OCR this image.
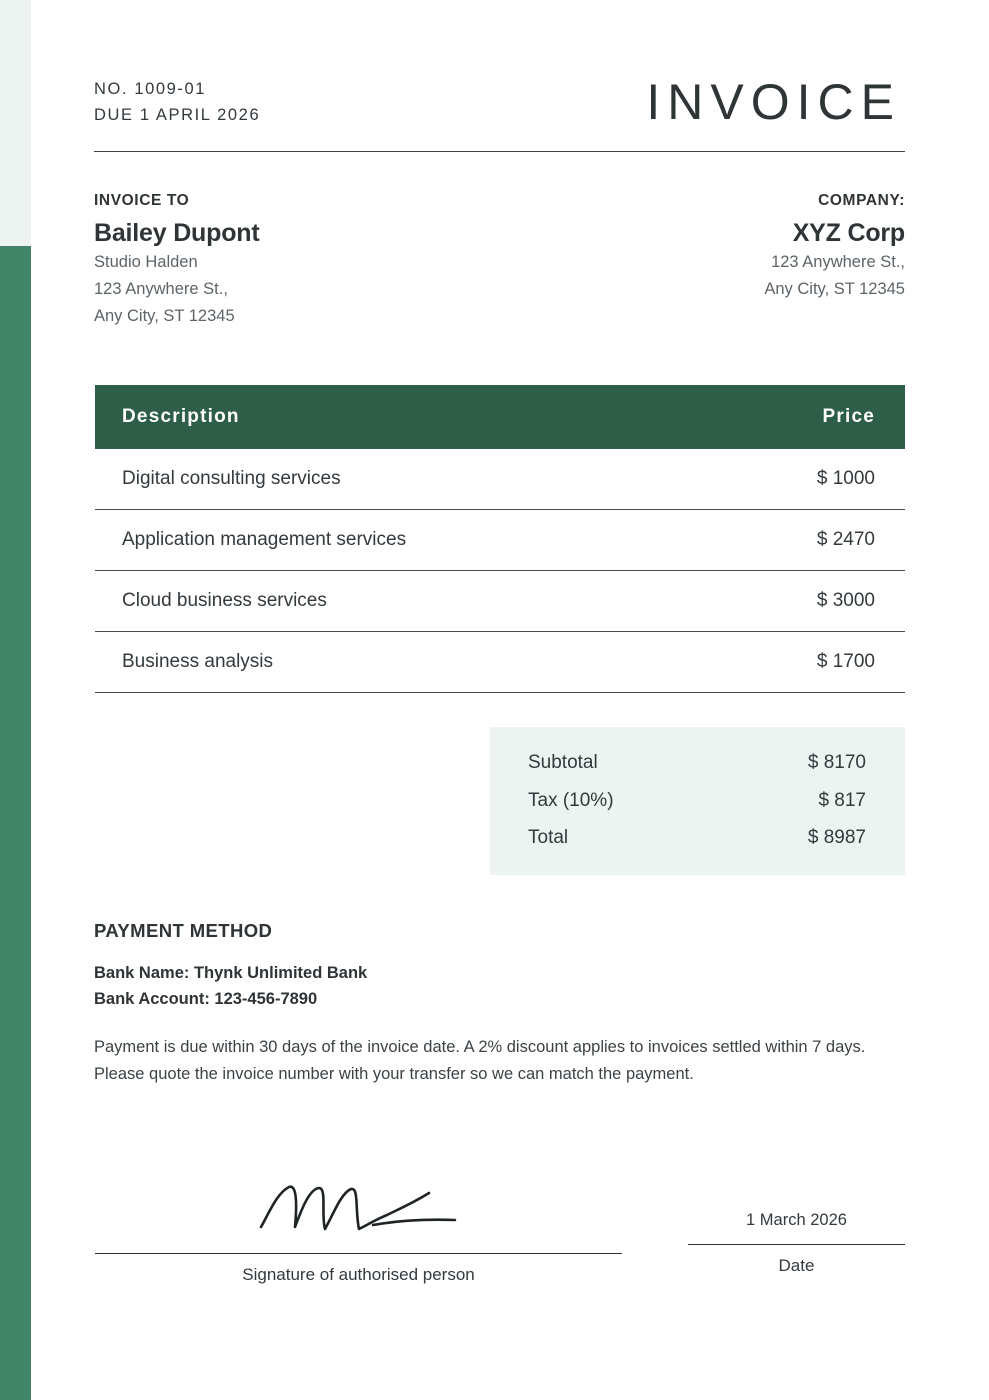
NO. 1009-01
DUE 1 APRIL 2026	INVOICE
INVOICE TO
Bailey Dupont
Studio Halden
123 Anywhere St.,
Any City, ST 12345
COMPANY:
XYZ Corp
123 Anywhere St.,
Any City, ST 12345
Description	Price
Digital consulting services	$ 1000
Application management services	$ 2470
Cloud business services	$ 3000
Business analysis	$ 1700
Subtotal	$ 8170
Tax (10%)	$ 817
Total	$ 8987
PAYMENT METHOD
Bank Name: Thynk Unlimited Bank
Bank Account: 123-456-7890
Payment is due within 30 days of the invoice date. A 2% discount applies to invoices settled within 7 days. Please quote the invoice number with your transfer so we can match the payment.
Signature of authorised person
1 March 2026
Date
